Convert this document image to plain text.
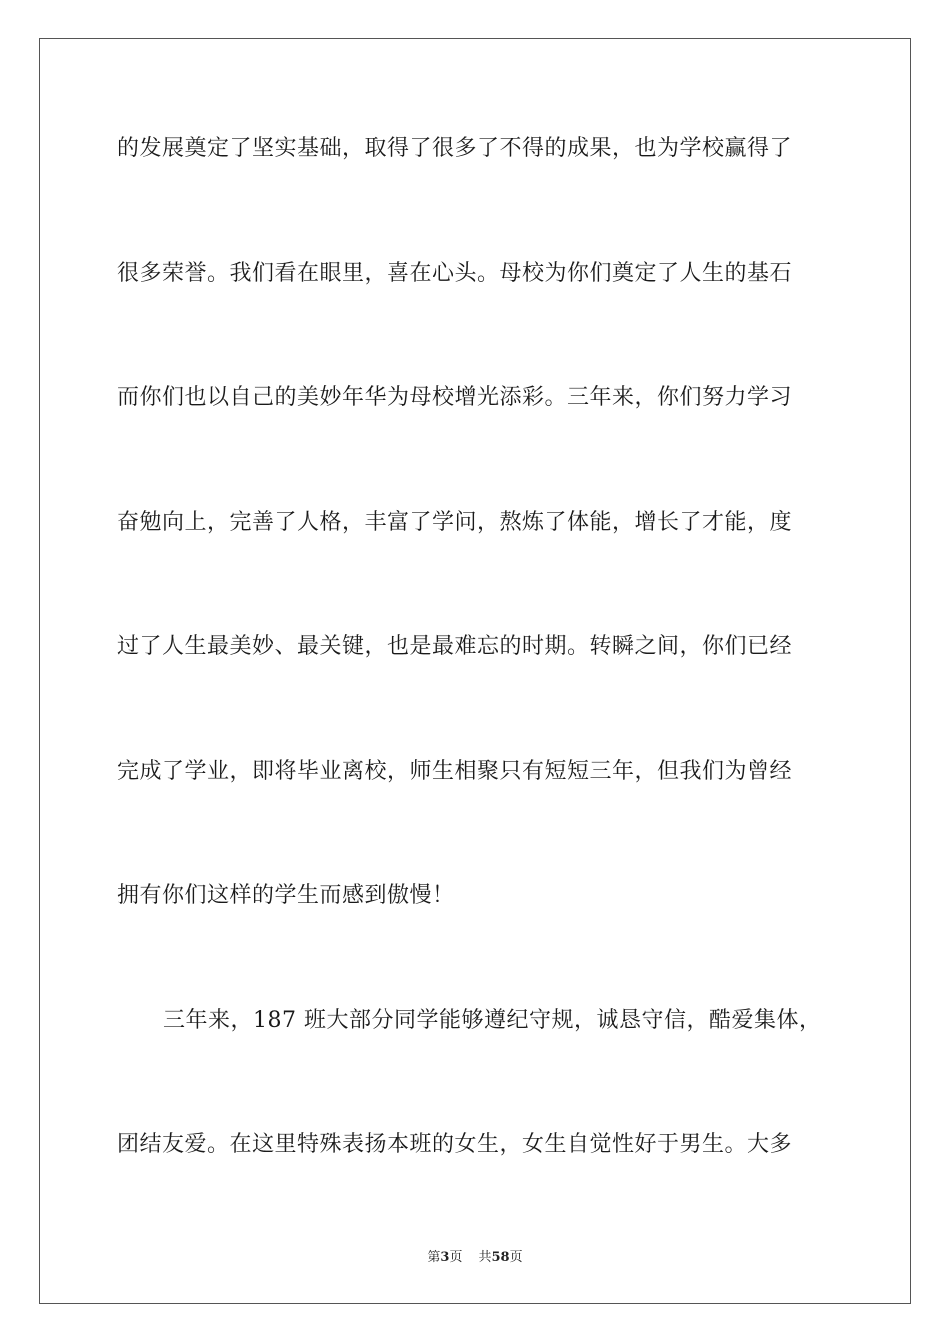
的发展奠定了坚实基础，取得了很多了不得的成果，也为学校赢得了
很多荣誉。我们看在眼里，喜在心头。母校为你们奠定了人生的基石
而你们也以自己的美妙年华为母校增光添彩。三年来，你们努力学习
奋勉向上，完善了人格，丰富了学问，熬炼了体能，增长了才能，度
过了人生最美妙、最关键，也是最难忘的时期。转瞬之间，你们已经
完成了学业，即将毕业离校，师生相聚只有短短三年，但我们为曾经
拥有你们这样的学生而感到傲慢！
三年来，187 班大部分同学能够遵纪守规，诚恳守信，酷爱集体，
团结友爱。在这里特殊表扬本班的女生，女生自觉性好于男生。大多
第3页 共58页
